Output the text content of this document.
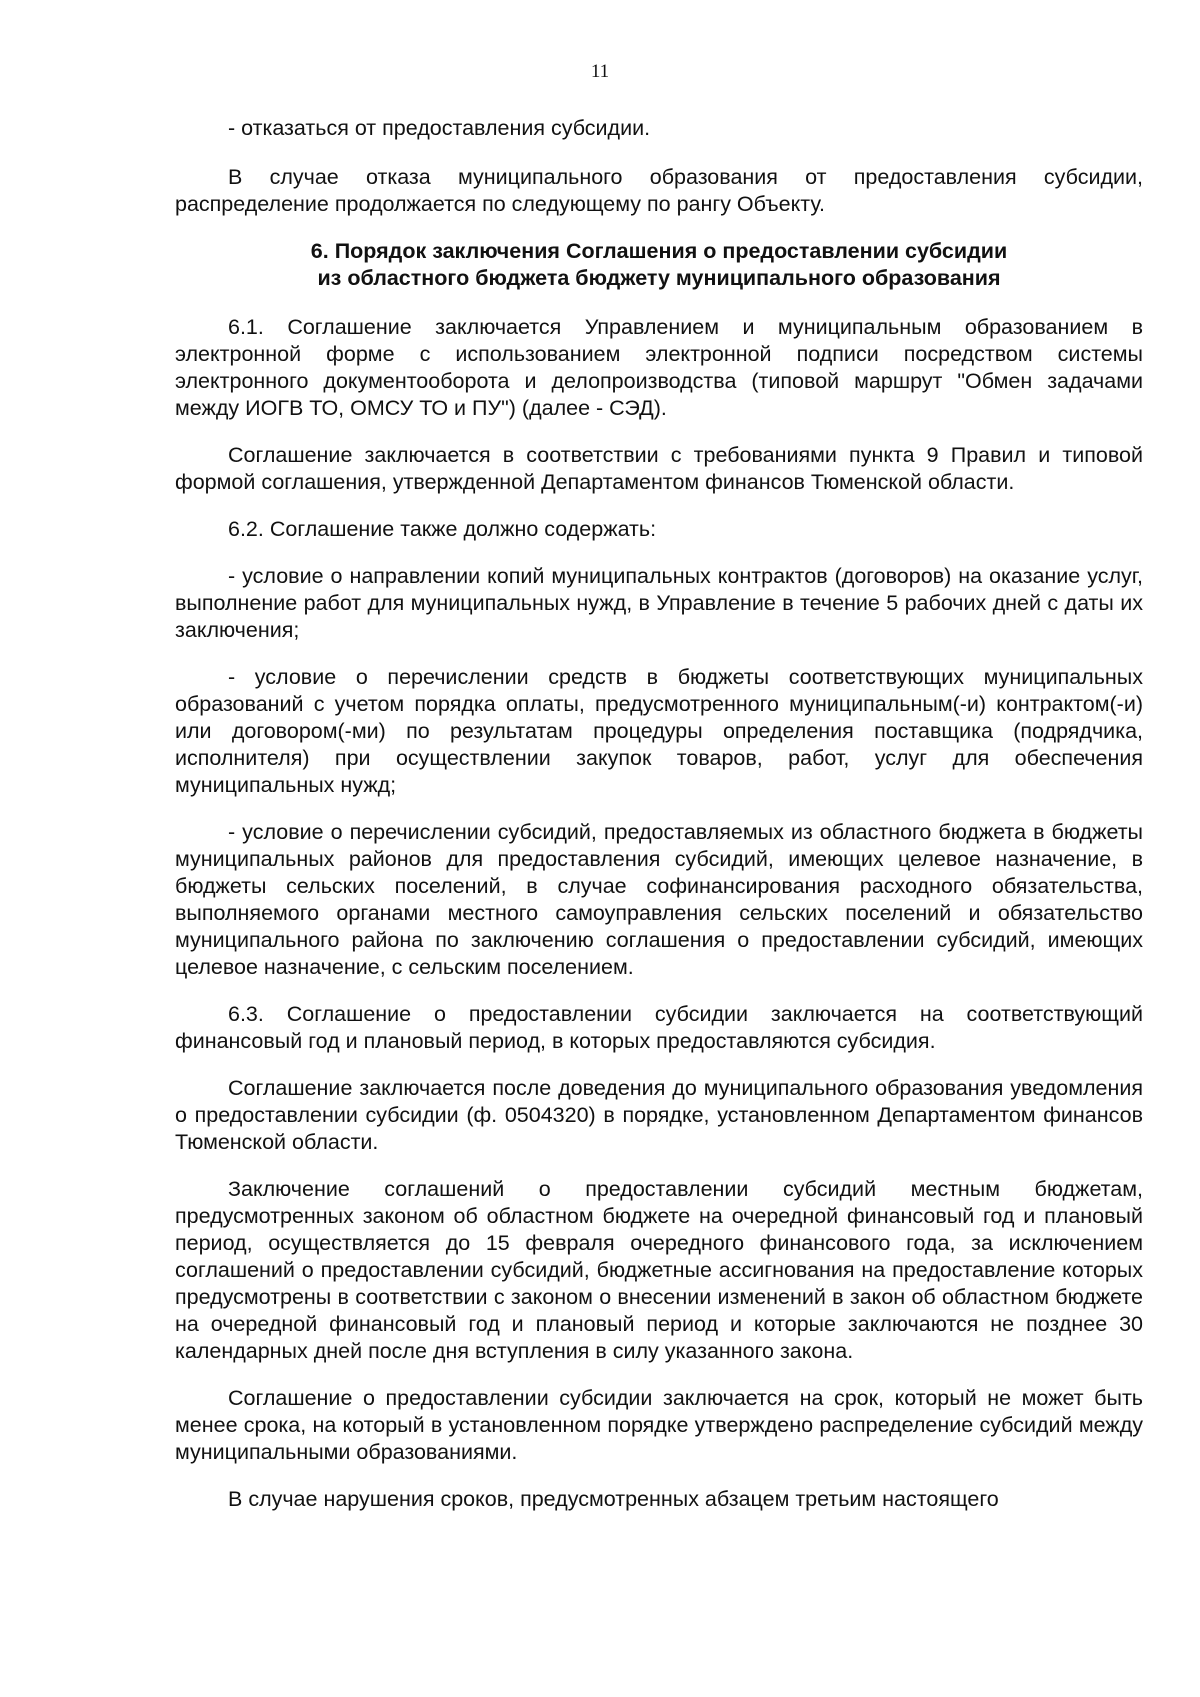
11

- отказаться от предоставления субсидии.

В случае отказа муниципального образования от предоставления субсидии, распределение продолжается по следующему по рангу Объекту.

6. Порядок заключения Соглашения о предоставлении субсидии
из областного бюджета бюджету муниципального образования

6.1. Соглашение заключается Управлением и муниципальным образованием в электронной форме с использованием электронной подписи посредством системы электронного документооборота и делопроизводства (типовой маршрут "Обмен задачами между ИОГВ ТО, ОМСУ ТО и ПУ") (далее - СЭД).

Соглашение заключается в соответствии с требованиями пункта 9 Правил и типовой формой соглашения, утвержденной Департаментом финансов Тюменской области.

6.2. Соглашение также должно содержать:

- условие о направлении копий муниципальных контрактов (договоров) на оказание услуг, выполнение работ для муниципальных нужд, в Управление в течение 5 рабочих дней с даты их заключения;

- условие о перечислении средств в бюджеты соответствующих муниципальных образований с учетом порядка оплаты, предусмотренного муниципальным(-и) контрактом(-и) или договором(-ми) по результатам процедуры определения поставщика (подрядчика, исполнителя) при осуществлении закупок товаров, работ, услуг для обеспечения муниципальных нужд;

- условие о перечислении субсидий, предоставляемых из областного бюджета в бюджеты муниципальных районов для предоставления субсидий, имеющих целевое назначение, в бюджеты сельских поселений, в случае софинансирования расходного обязательства, выполняемого органами местного самоуправления сельских поселений и обязательство муниципального района по заключению соглашения о предоставлении субсидий, имеющих целевое назначение, с сельским поселением.

6.3. Соглашение о предоставлении субсидии заключается на соответствующий финансовый год и плановый период, в которых предоставляются субсидия.

Соглашение заключается после доведения до муниципального образования уведомления о предоставлении субсидии (ф. 0504320) в порядке, установленном Департаментом финансов Тюменской области.

Заключение соглашений о предоставлении субсидий местным бюджетам, предусмотренных законом об областном бюджете на очередной финансовый год и плановый период, осуществляется до 15 февраля очередного финансового года, за исключением соглашений о предоставлении субсидий, бюджетные ассигнования на предоставление которых предусмотрены в соответствии с законом о внесении изменений в закон об областном бюджете на очередной финансовый год и плановый период и которые заключаются не позднее 30 календарных дней после дня вступления в силу указанного закона.

Соглашение о предоставлении субсидии заключается на срок, который не может быть менее срока, на который в установленном порядке утверждено распределение субсидий между муниципальными образованиями.

В случае нарушения сроков, предусмотренных абзацем третьим настоящего
